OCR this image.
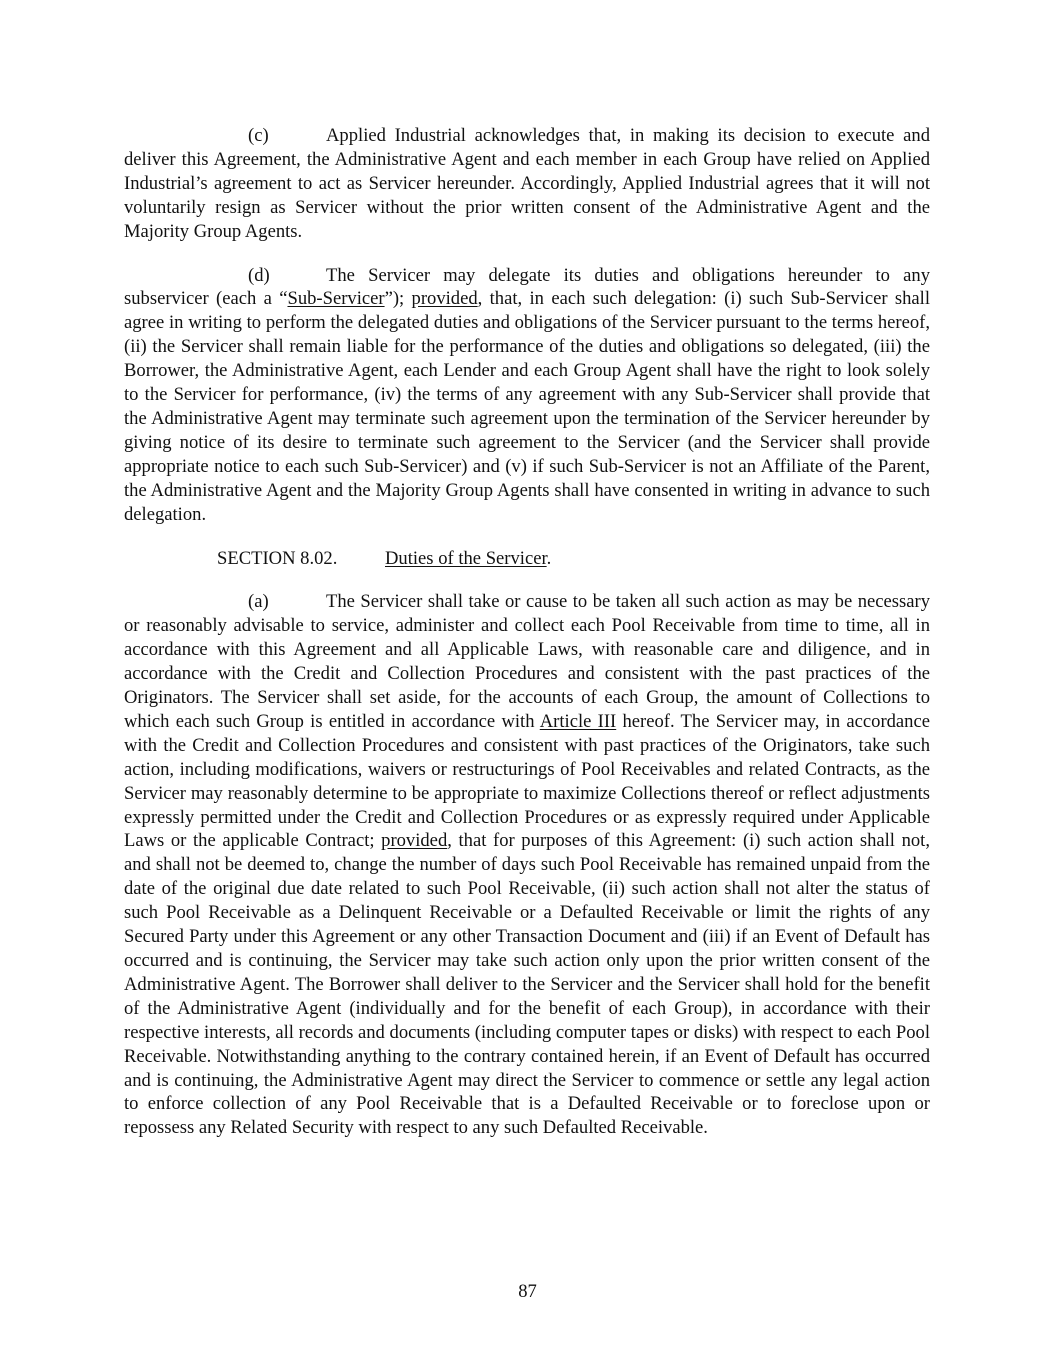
(c)	Applied Industrial acknowledges that, in making its decision to execute and deliver this Agreement, the Administrative Agent and each member in each Group have relied on Applied Industrial’s agreement to act as Servicer hereunder. Accordingly, Applied Industrial agrees that it will not voluntarily resign as Servicer without the prior written consent of the Administrative Agent and the Majority Group Agents.

(d)	The Servicer may delegate its duties and obligations hereunder to any subservicer (each a “Sub-Servicer”); provided, that, in each such delegation: (i) such Sub-Servicer shall agree in writing to perform the delegated duties and obligations of the Servicer pursuant to the terms hereof, (ii) the Servicer shall remain liable for the performance of the duties and obligations so delegated, (iii) the Borrower, the Administrative Agent, each Lender and each Group Agent shall have the right to look solely to the Servicer for performance, (iv) the terms of any agreement with any Sub-Servicer shall provide that the Administrative Agent may terminate such agreement upon the termination of the Servicer hereunder by giving notice of its desire to terminate such agreement to the Servicer (and the Servicer shall provide appropriate notice to each such Sub-Servicer) and (v) if such Sub-Servicer is not an Affiliate of the Parent, the Administrative Agent and the Majority Group Agents shall have consented in writing in advance to such delegation.

SECTION 8.02.	Duties of the Servicer.

(a)	The Servicer shall take or cause to be taken all such action as may be necessary or reasonably advisable to service, administer and collect each Pool Receivable from time to time, all in accordance with this Agreement and all Applicable Laws, with reasonable care and diligence, and in accordance with the Credit and Collection Procedures and consistent with the past practices of the Originators. The Servicer shall set aside, for the accounts of each Group, the amount of Collections to which each such Group is entitled in accordance with Article III hereof. The Servicer may, in accordance with the Credit and Collection Procedures and consistent with past practices of the Originators, take such action, including modifications, waivers or restructurings of Pool Receivables and related Contracts, as the Servicer may reasonably determine to be appropriate to maximize Collections thereof or reflect adjustments expressly permitted under the Credit and Collection Procedures or as expressly required under Applicable Laws or the applicable Contract; provided, that for purposes of this Agreement: (i) such action shall not, and shall not be deemed to, change the number of days such Pool Receivable has remained unpaid from the date of the original due date related to such Pool Receivable, (ii) such action shall not alter the status of such Pool Receivable as a Delinquent Receivable or a Defaulted Receivable or limit the rights of any Secured Party under this Agreement or any other Transaction Document and (iii) if an Event of Default has occurred and is continuing, the Servicer may take such action only upon the prior written consent of the Administrative Agent. The Borrower shall deliver to the Servicer and the Servicer shall hold for the benefit of the Administrative Agent (individually and for the benefit of each Group), in accordance with their respective interests, all records and documents (including computer tapes or disks) with respect to each Pool Receivable. Notwithstanding anything to the contrary contained herein, if an Event of Default has occurred and is continuing, the Administrative Agent may direct the Servicer to commence or settle any legal action to enforce collection of any Pool Receivable that is a Defaulted Receivable or to foreclose upon or repossess any Related Security with respect to any such Defaulted Receivable.

87
